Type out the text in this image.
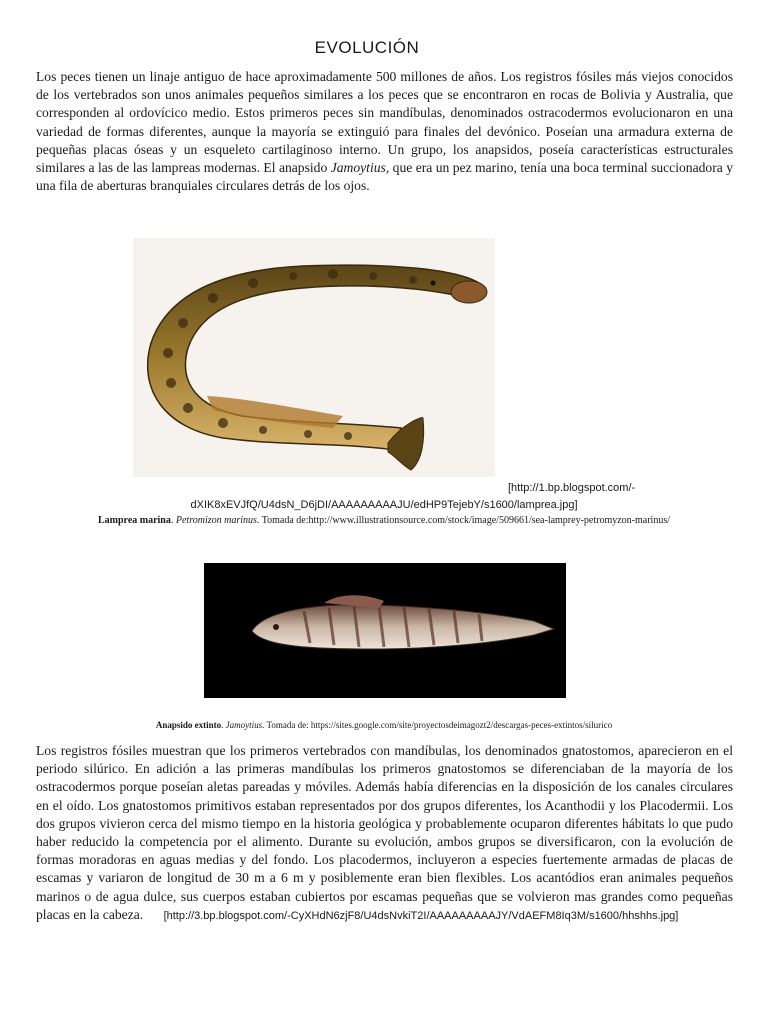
EVOLUCIÓN

Los peces tienen un linaje antiguo de hace aproximadamente 500 millones de años. Los registros fósiles más viejos conocidos de los vertebrados son unos animales pequeños similares a los peces que se encontraron en rocas de Bolivia y Australia, que corresponden al ordovícico medio. Estos primeros peces sin mandíbulas, denominados ostracodermos evolucionaron en una variedad de formas diferentes, aunque la mayoría se extinguió para finales del devónico. Poseían una armadura externa de pequeñas placas óseas y un esqueleto cartilaginoso interno. Un grupo, los anapsidos, poseía características estructurales similares a las de las lampreas modernas. El anapsido Jamoytius, que era un pez marino, tenía una boca terminal succionadora y una fila de aberturas branquiales circulares detrás de los ojos.

[http://1.bp.blogspot.com/-
dXIK8xEVJfQ/U4dsN_D6jDI/AAAAAAAAAJU/edHP9TejebY/s1600/lamprea.jpg]
Lamprea marina. Petromizon marinus. Tomada de:http://www.illustrationsource.com/stock/image/509661/sea-lamprey-petromyzon-marinus/
Anapsido extinto. Jamoytius. Tomada de: https://sites.google.com/site/proyectosdeimagozt2/descargas-peces-extintos/silurico

Los registros fósiles muestran que los primeros vertebrados con mandíbulas, los denominados gnatostomos, aparecieron en el periodo silúrico. En adición a las primeras mandíbulas los primeros gnatostomos se diferenciaban de la mayoría de los ostracodermos porque poseían aletas pareadas y móviles. Además había diferencias en la disposición de los canales circulares en el oído. Los gnatostomos primitivos estaban representados por dos grupos diferentes, los Acanthodii y los Placodermii. Los dos grupos vivieron cerca del mismo tiempo en la historia geológica y probablemente ocuparon diferentes hábitats lo que pudo haber reducido la competencia por el alimento. Durante su evolución, ambos grupos se diversificaron, con la evolución de formas moradoras en aguas medias y del fondo. Los placodermos, incluyeron a especies fuertemente armadas de placas de escamas y variaron de longitud de 30 m a 6 m y posiblemente eran bien flexibles. Los acantódios eran animales pequeños marinos o de agua dulce, sus cuerpos estaban cubiertos por escamas pequeñas que se volvieron mas grandes como pequeñas placas en la cabeza. [http://3.bp.blogspot.com/-CyXHdN6zjF8/U4dsNvkiT2I/AAAAAAAAAJY/VdAEFM8Iq3M/s1600/hhshhs.jpg]
